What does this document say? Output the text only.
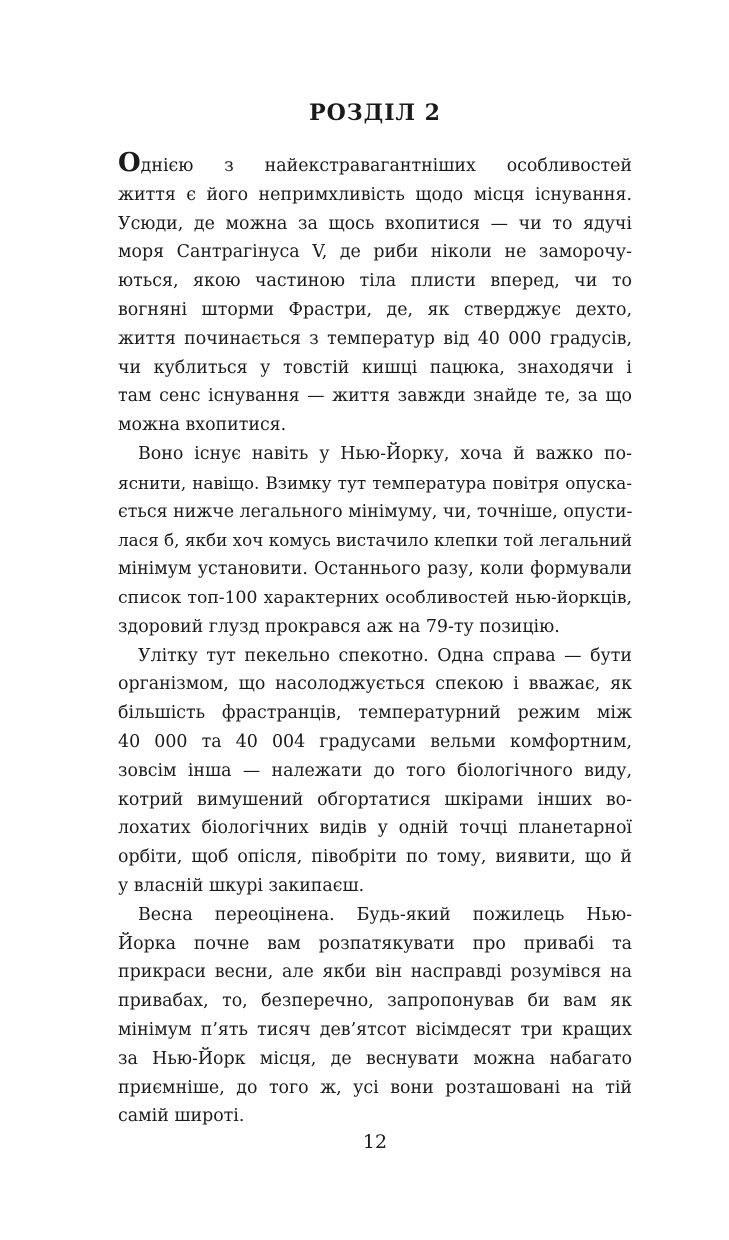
РОЗДІЛ 2

Однією з найекстравагантніших особливостей
життя є його непримхливість щодо місця існування.
Усюди, де можна за щось вхопитися — чи то ядучі
моря Сантрагінуса V, де риби ніколи не заморочу-
ються, якою частиною тіла плисти вперед, чи то
вогняні шторми Фрастри, де, як стверджує дехто,
життя починається з температур від 40 000 градусів,
чи кублиться у товстій кишці пацюка, знаходячи і
там сенс існування — життя завжди знайде те, за що
можна вхопитися.

Воно існує навіть у Нью-Йорку, хоча й важко по-
яснити, навіщо. Взимку тут температура повітря опуска-
ється нижче легального мінімуму, чи, точніше, опусти-
лася б, якби хоч комусь вистачило клепки той легальний
мінімум установити. Останнього разу, коли формували
список топ-100 характерних особливостей нью-йоркців,
здоровий глузд прокрався аж на 79-ту позицію.

Улітку тут пекельно спекотно. Одна справа — бути
організмом, що насолоджується спекою і вважає, як
більшість фрастранців, температурний режим між
40 000 та 40 004 градусами вельми комфортним,
зовсім інша — належати до того біологічного виду,
котрий вимушений обгортатися шкірами інших во-
лохатих біологічних видів у одній точці планетарної
орбіти, щоб опісля, півобріти по тому, виявити, що й
у власній шкурі закипаєш.

Весна переоцінена. Будь-який пожилець Нью-
Йорка почне вам розпатякувати про привабі та
прикраси весни, але якби він насправді розумівся на
привабах, то, безперечно, запропонував би вам як
мінімум п’ять тисяч дев’ятсот вісімдесят три кращих
за Нью-Йорк місця, де веснувати можна набагато
приємніше, до того ж, усі вони розташовані на тій
самій широті.

12
